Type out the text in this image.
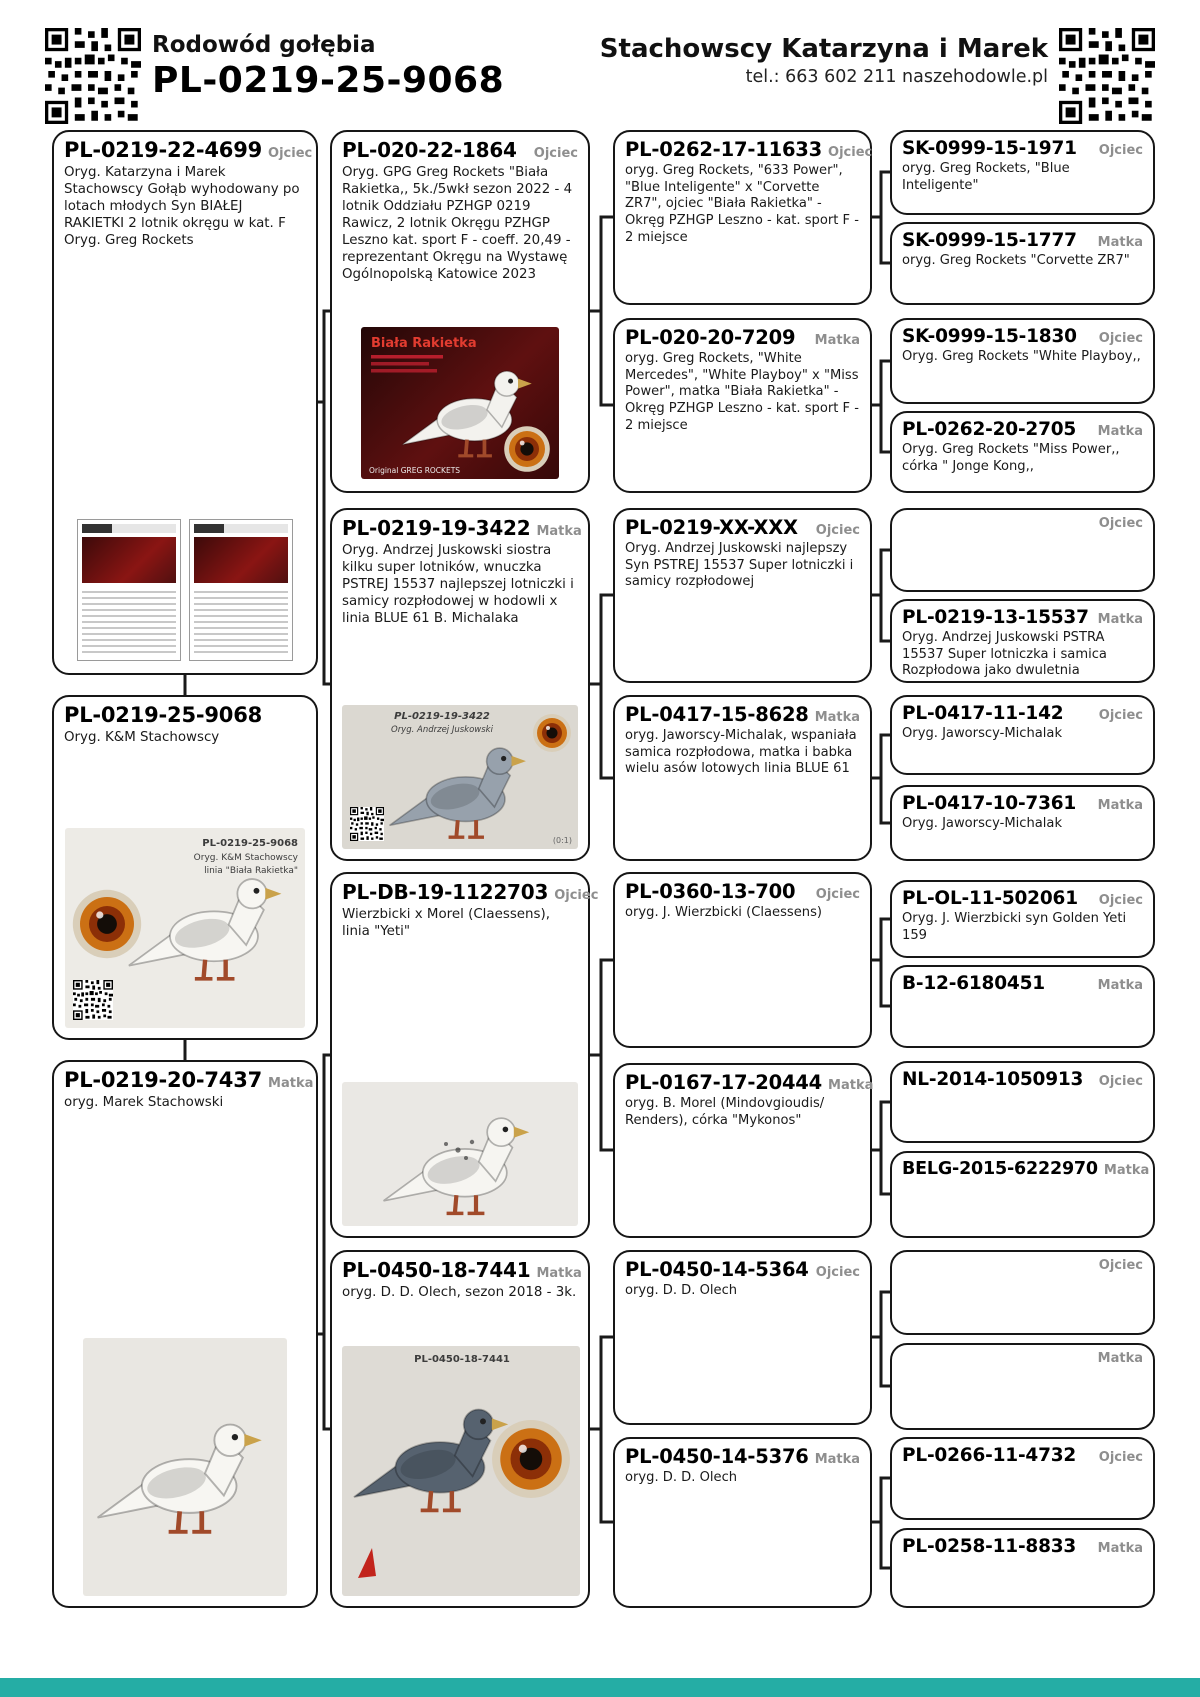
Rodowód gołębia
PL-0219-25-9068
Stachowscy Katarzyna i Marek
tel.: 663 602 211 naszehodowle.pl
PL-0219-22-4699 Ojciec
Oryg. Katarzyna i Marek Stachowscy Gołąb wyhodowany po lotach młodych Syn BIAŁEJ RAKIETKI 2 lotnik okręgu w kat. F Oryg. Greg Rockets
PL-0219-25-9068
Oryg. K&M Stachowscy
PL-0219-25-9068
Oryg. K&M Stachowscy
linia "Biała Rakietka"
PL-0219-20-7437 Matka
oryg. Marek Stachowski
PL-020-22-1864 Ojciec
Oryg. GPG Greg Rockets "Biała Rakietka,, 5k./5wkł sezon 2022 - 4 lotnik Oddziału PZHGP 0219 Rawicz, 2 lotnik Okręgu PZHGP Leszno kat. sport F - coeff. 20,49 - reprezentant Okręgu na Wystawę Ogólnopolską Katowice 2023
Biała Rakietka
Original GREG ROCKETS
PL-0219-19-3422 Matka
Oryg. Andrzej Juskowski siostra kilku super lotników, wnuczka PSTREJ 15537 najlepszej lotniczki i samicy rozpłodowej w hodowli x linia BLUE 61 B. Michalaka
PL-0219-19-3422
Oryg. Andrzej Juskowski
(0:1)
PL-DB-19-1122703 Ojciec
Wierzbicki x Morel (Claessens), linia "Yeti"
PL-0450-18-7441 Matka
oryg. D. D. Olech, sezon 2018 - 3k.
PL-0450-18-7441
PL-0262-17-11633 Ojciec
oryg. Greg Rockets, "633 Power", "Blue Inteligente" x "Corvette ZR7", ojciec "Biała Rakietka" - Okręg PZHGP Leszno - kat. sport F - 2 miejsce
PL-020-20-7209 Matka
oryg. Greg Rockets, "White Mercedes", "White Playboy" x "Miss Power", matka "Biała Rakietka" - Okręg PZHGP Leszno - kat. sport F - 2 miejsce
PL-0219-XX-XXX Ojciec
Oryg. Andrzej Juskowski najlepszy Syn PSTREJ 15537 Super lotniczki i samicy rozpłodowej
PL-0417-15-8628 Matka
oryg. Jaworscy-Michalak, wspaniała samica rozpłodowa, matka i babka wielu asów lotowych linia BLUE 61
PL-0360-13-700 Ojciec
oryg. J. Wierzbicki (Claessens)
PL-0167-17-20444 Matka
oryg. B. Morel (Mindovgioudis/ Renders), córka "Mykonos"
PL-0450-14-5364 Ojciec
oryg. D. D. Olech
PL-0450-14-5376 Matka
oryg. D. D. Olech
SK-0999-15-1971 Ojciec
oryg. Greg Rockets, "Blue Inteligente"
SK-0999-15-1777 Matka
oryg. Greg Rockets "Corvette ZR7"
SK-0999-15-1830 Ojciec
Oryg. Greg Rockets "White Playboy,,
PL-0262-20-2705 Matka
Oryg. Greg Rockets "Miss Power,, córka " Jonge Kong,,
Ojciec
PL-0219-13-15537 Matka
Oryg. Andrzej Juskowski PSTRA 15537 Super lotniczka i samica Rozpłodowa jako dwuletnia
PL-0417-11-142	Ojciec
Oryg. Jaworscy-Michalak
PL-0417-10-7361 Matka
Oryg. Jaworscy-Michalak
PL-OL-11-502061 Ojciec
Oryg. J. Wierzbicki syn Golden Yeti 159
B-12-6180451	Matka
NL-2014-1050913 Ojciec
BELG-2015-6222970 Matka
Ojciec
Matka
PL-0266-11-4732 Ojciec
PL-0258-11-8833 Matka
